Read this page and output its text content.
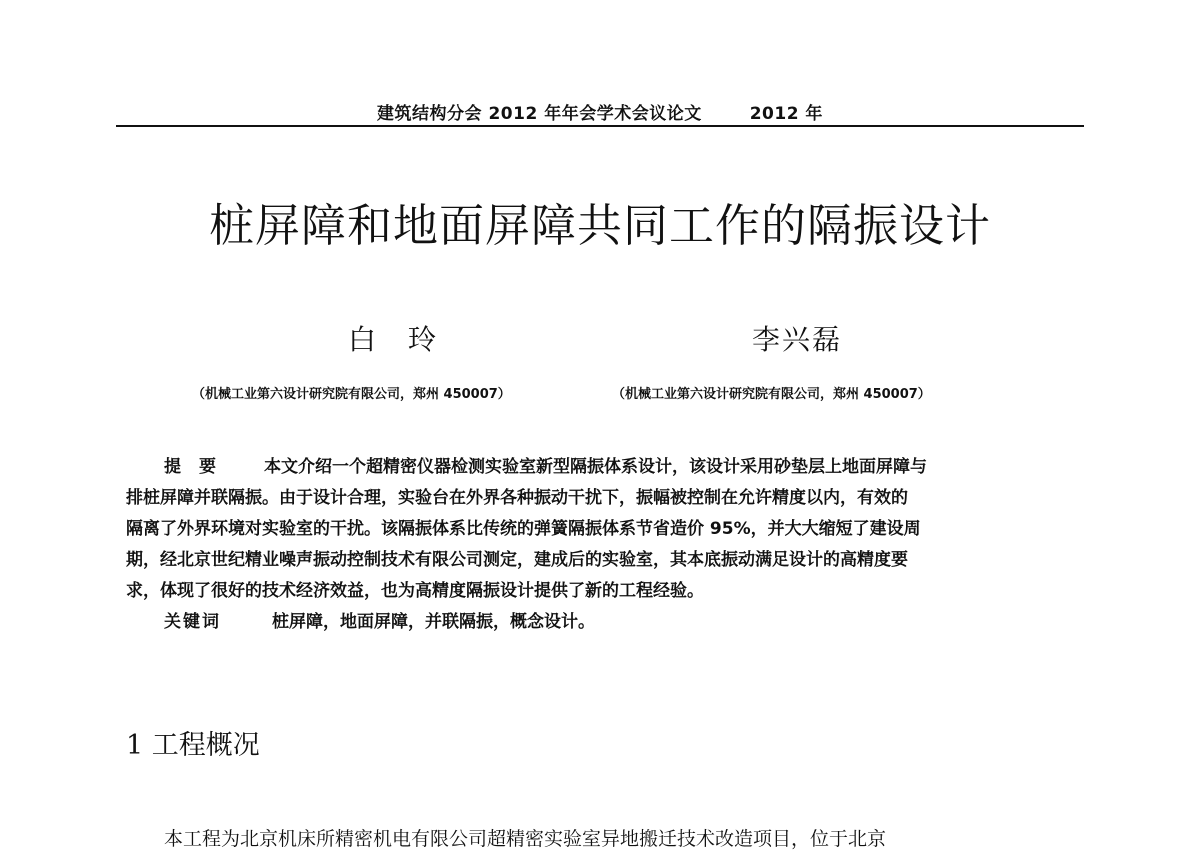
建筑结构分会 2012 年年会学术会议论文	2012 年
桩屏障和地面屏障共同工作的隔振设计
白玲	李兴磊
（机械工业第六设计研究院有限公司，郑州 450007）	（机械工业第六设计研究院有限公司，郑州 450007）
提要 本文介绍一个超精密仪器检测实验室新型隔振体系设计，该设计采用砂垫层上地面屏障与
排桩屏障并联隔振。由于设计合理，实验台在外界各种振动干扰下，振幅被控制在允许精度以内，有效的
隔离了外界环境对实验室的干扰。该隔振体系比传统的弹簧隔振体系节省造价 95%，并大大缩短了建设周
期，经北京世纪精业噪声振动控制技术有限公司测定，建成后的实验室，其本底振动满足设计的高精度要
求，体现了很好的技术经济效益，也为高精度隔振设计提供了新的工程经验。
关键词	桩屏障，地面屏障，并联隔振，概念设计。
1 工程概况
本工程为北京机床所精密机电有限公司超精密实验室异地搬迁技术改造项目，位于北京
